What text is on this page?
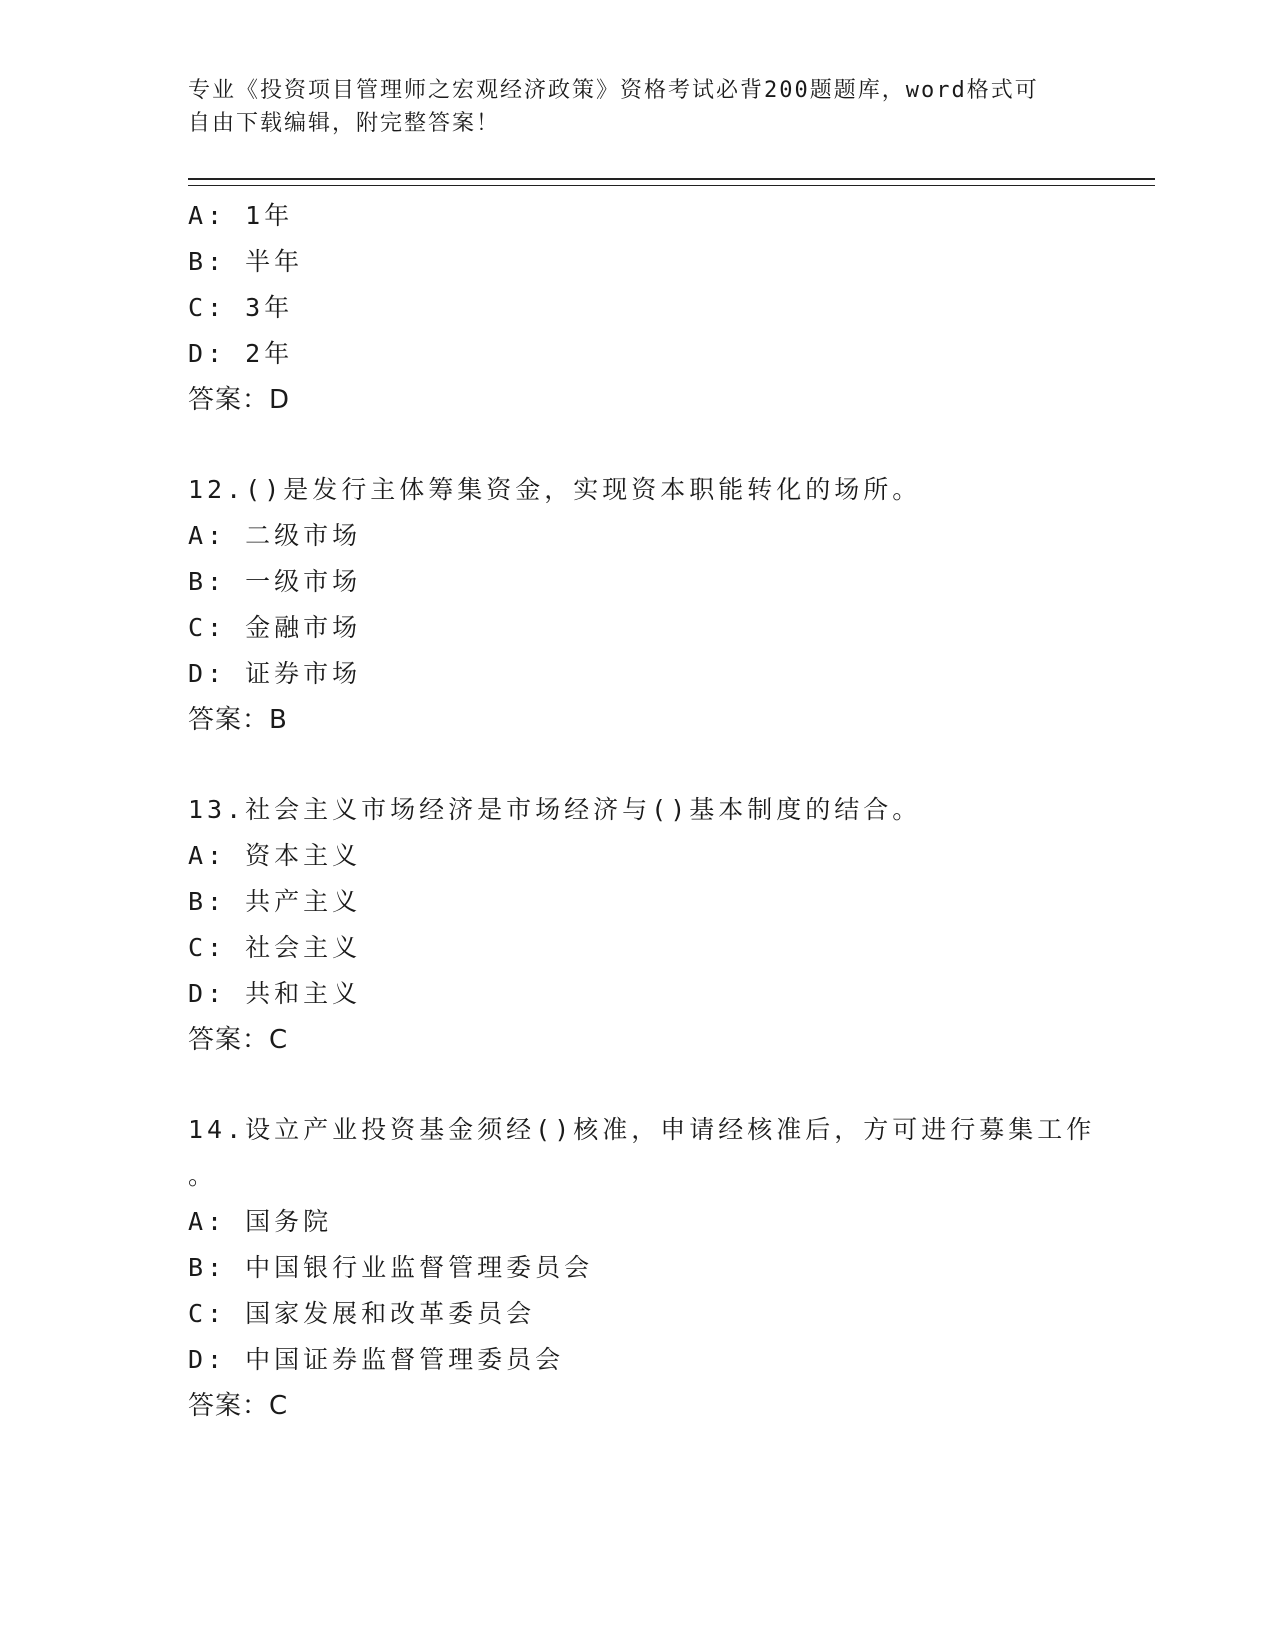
专业《投资项目管理师之宏观经济政策》资格考试必背200题题库，word格式可
自由下载编辑，附完整答案！
A: 1年
B: 半年
C: 3年
D: 2年
答案：D
12.()是发行主体筹集资金，实现资本职能转化的场所。
A: 二级市场
B: 一级市场
C: 金融市场
D: 证券市场
答案：B
13.社会主义市场经济是市场经济与()基本制度的结合。
A: 资本主义
B: 共产主义
C: 社会主义
D: 共和主义
答案：C
14.设立产业投资基金须经()核准，申请经核准后，方可进行募集工作
。
A: 国务院
B: 中国银行业监督管理委员会
C: 国家发展和改革委员会
D: 中国证券监督管理委员会
答案：C
